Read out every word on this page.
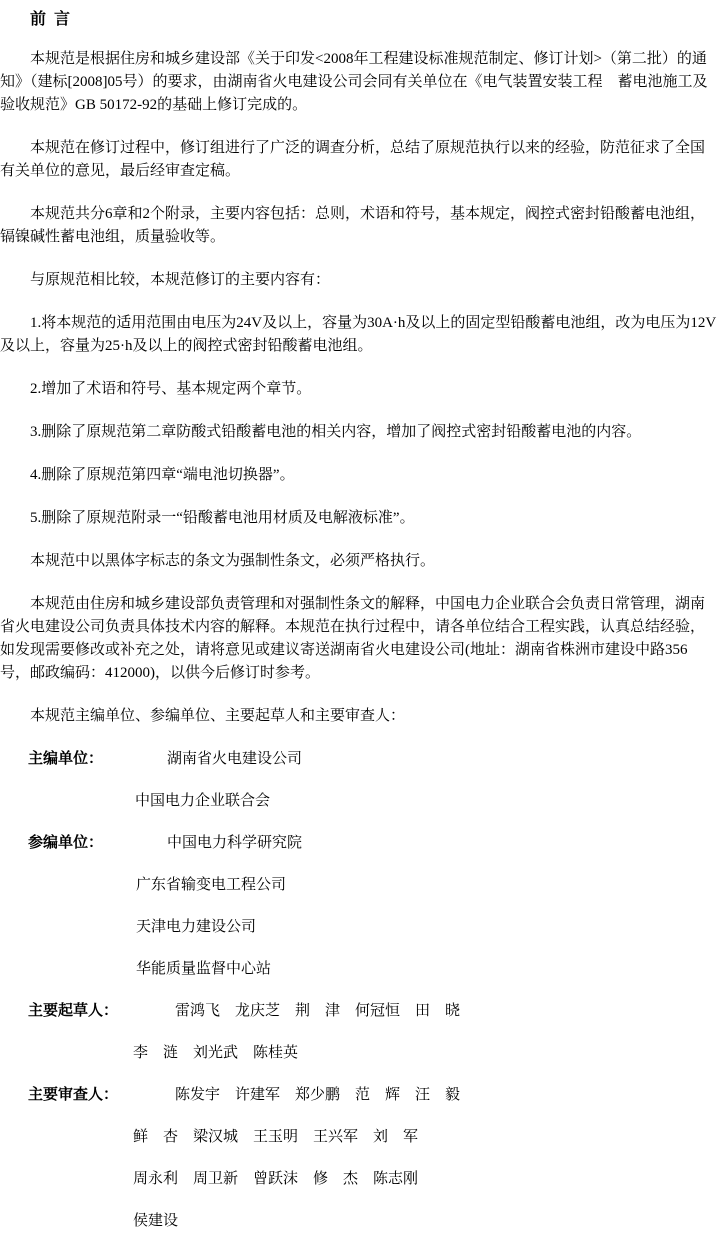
前 言

本规范是根据住房和城乡建设部《关于印发<2008年工程建设标准规范制定、修订计划>（第二批）的通知》（建标[2008]05号）的要求，由湖南省火电建设公司会同有关单位在《电气装置安装工程　蓄电池施工及验收规范》GB 50172-92的基础上修订完成的。

本规范在修订过程中，修订组进行了广泛的调查分析，总结了原规范执行以来的经验，防范征求了全国有关单位的意见，最后经审查定稿。

本规范共分6章和2个附录，主要内容包括：总则，术语和符号，基本规定，阀控式密封铅酸蓄电池组，镉镍碱性蓄电池组，质量验收等。

与原规范相比较，本规范修订的主要内容有：

1.将本规范的适用范围由电压为24V及以上，容量为30A·h及以上的固定型铅酸蓄电池组，改为电压为12V及以上，容量为25·h及以上的阀控式密封铅酸蓄电池组。

2.增加了术语和符号、基本规定两个章节。

3.删除了原规范第二章防酸式铅酸蓄电池的相关内容，增加了阀控式密封铅酸蓄电池的内容。

4.删除了原规范第四章“端电池切换器”。

5.删除了原规范附录一“铅酸蓄电池用材质及电解液标准”。

本规范中以黑体字标志的条文为强制性条文，必须严格执行。

本规范由住房和城乡建设部负责管理和对强制性条文的解释，中国电力企业联合会负责日常管理，湖南省火电建设公司负责具体技术内容的解释。本规范在执行过程中，请各单位结合工程实践，认真总结经验，如发现需要修改或补充之处，请将意见或建议寄送湖南省火电建设公司(地址：湖南省株洲市建设中路356号，邮政编码：412000)，以供今后修订时参考。

本规范主编单位、参编单位、主要起草人和主要审查人：

主编单位：	湖南省火电建设公司
中国电力企业联合会
参编单位：	中国电力科学研究院
广东省输变电工程公司
天津电力建设公司
华能质量监督中心站
主要起草人：	雷鸿飞　龙庆芝　荆　津　何冠恒　田　晓
李　涟　刘光武　陈桂英
主要审查人：	陈发宇　许建军　郑少鹏　范　辉　汪　毅
鲜　杏　梁汉城　王玉明　王兴军　刘　军
周永利　周卫新　曾跃沫　修　杰　陈志刚
侯建设
